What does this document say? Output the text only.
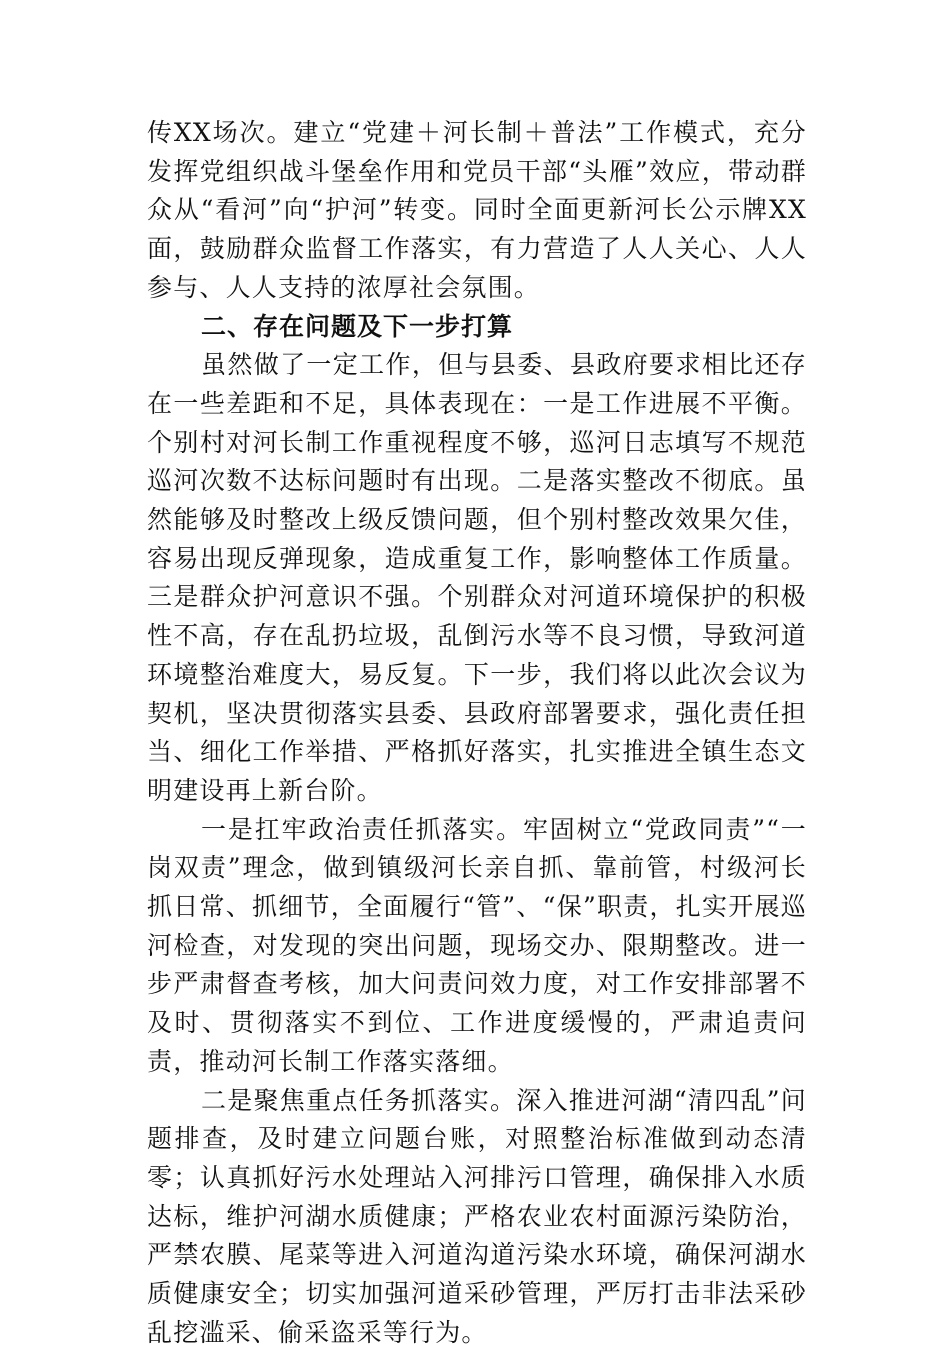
传XX场次。建立“党建＋河长制＋普法”工作模式，充分发挥党组织战斗堡垒作用和党员干部“头雁”效应，带动群众从“看河”向“护河”转变。同时全面更新河长公示牌XX面，鼓励群众监督工作落实，有力营造了人人关心、人人参与、人人支持的浓厚社会氛围。

二、存在问题及下一步打算

虽然做了一定工作，但与县委、县政府要求相比还存在一些差距和不足，具体表现在：一是工作进展不平衡。个别村对河长制工作重视程度不够，巡河日志填写不规范巡河次数不达标问题时有出现。二是落实整改不彻底。虽然能够及时整改上级反馈问题，但个别村整改效果欠佳，容易出现反弹现象，造成重复工作，影响整体工作质量。三是群众护河意识不强。个别群众对河道环境保护的积极性不高，存在乱扔垃圾，乱倒污水等不良习惯，导致河道环境整治难度大，易反复。下一步，我们将以此次会议为契机，坚决贯彻落实县委、县政府部署要求，强化责任担当、细化工作举措、严格抓好落实，扎实推进全镇生态文明建设再上新台阶。

一是扛牢政治责任抓落实。牢固树立“党政同责”“一岗双责”理念，做到镇级河长亲自抓、靠前管，村级河长抓日常、抓细节，全面履行“管”、“保”职责，扎实开展巡河检查，对发现的突出问题，现场交办、限期整改。进一步严肃督查考核，加大问责问效力度，对工作安排部署不及时、贯彻落实不到位、工作进度缓慢的，严肃追责问责，推动河长制工作落实落细。

二是聚焦重点任务抓落实。深入推进河湖“清四乱”问题排查，及时建立问题台账，对照整治标准做到动态清零；认真抓好污水处理站入河排污口管理，确保排入水质达标，维护河湖水质健康；严格农业农村面源污染防治，严禁农膜、尾菜等进入河道沟道污染水环境，确保河湖水质健康安全；切实加强河道采砂管理，严厉打击非法采砂乱挖滥采、偷采盗采等行为。
